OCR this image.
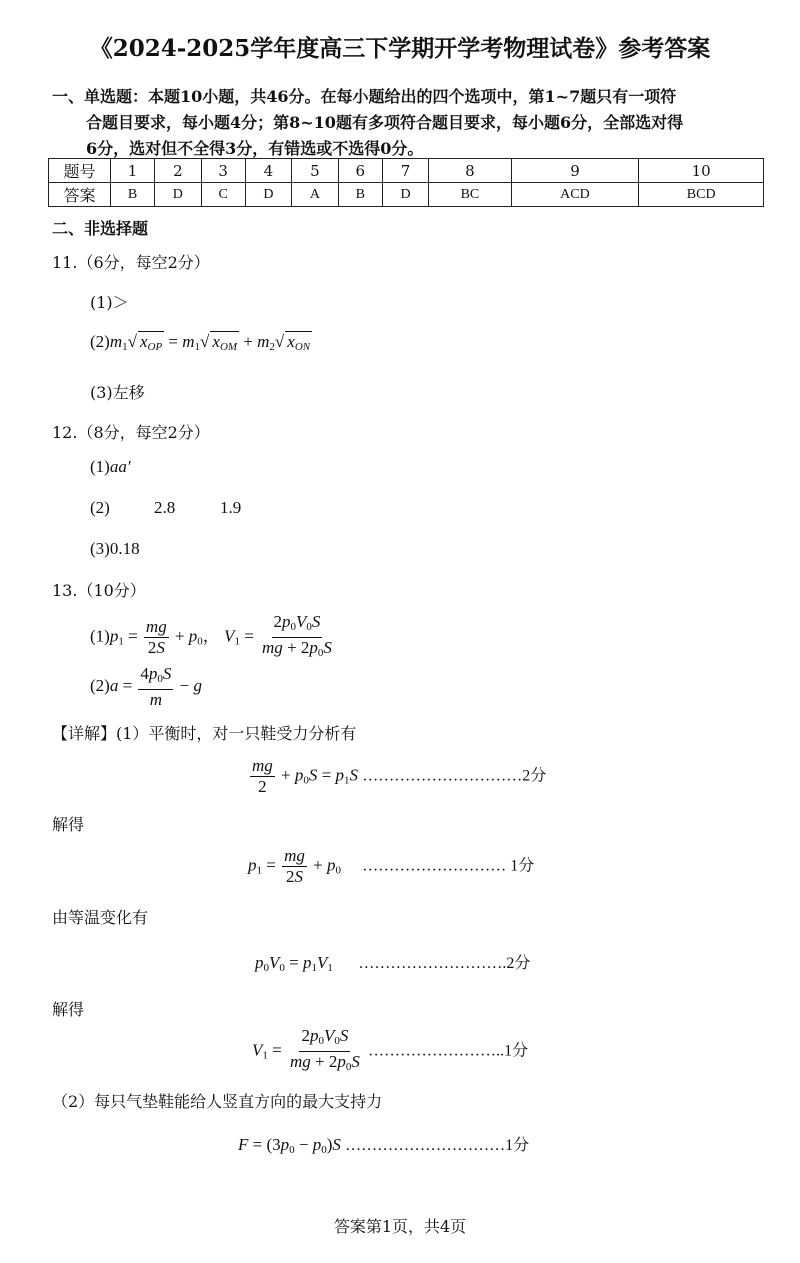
《2024-2025学年度高三下学期开学考物理试卷》参考答案
一、单选题：本题10小题，共46分。在每小题给出的四个选项中，第1~7题只有一项符
合题目要求，每小题4分；第8~10题有多项符合题目要求，每小题6分，全部选对得
6分，选对但不全得3分，有错选或不选得0分。
题号	1	2	3	4	5	6	7	8	9	10
答案	B	D	C	D	A	B	D	BC	ACD	BCD
二、非选择题
11.（6分，每空2分）
(1)＞
$(2)m_1√$ $x_{OP} = m_1√$ $x_{OM} + m_2√$ $x_{ON}$
(3)左移
12.（8分，每空2分）
(1)aa′
(2)	2.8	1.9
(3)0.18
13.（10分）
$(1)p_1 = \frac{mg}{2S} + p_0$， $V_1 = \frac{2p_0V_0S}{mg + 2p_0S}$
$(2)a = \frac{4p_0S}{m} - g$
【详解】(1）平衡时，对一只鞋受力分析有
$\frac{mg}{2} + p_0S = p_1S$ …………………………2分
解得
$p_1 = \frac{mg}{2S} + p_0$ ……………………… 1分
由等温变化有
$p_0V_0 = p_1V_1$ ……………………….2分
解得
$V_1 = \frac{2p_0V_0S}{mg + 2p_0S}$ ……………………..1分
（2）每只气垫鞋能给人竖直方向的最大支持力
$F = (3p_0 - p_0)S$ …………………………1分
答案第1页，共4页
